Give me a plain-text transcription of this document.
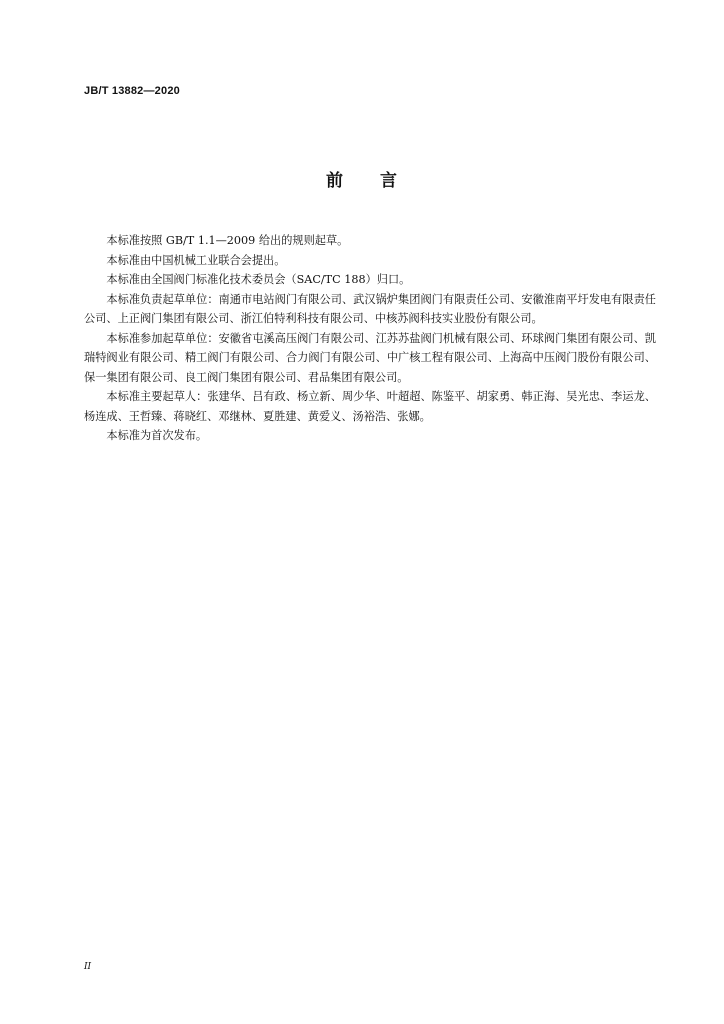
JB/T 13882—2020
前 言

本标准按照 GB/T 1.1—2009 给出的规则起草。

本标准由中国机械工业联合会提出。

本标准由全国阀门标准化技术委员会（SAC/TC 188）归口。

本标准负责起草单位：南通市电站阀门有限公司、武汉锅炉集团阀门有限责任公司、安徽淮南平圩发电有限责任公司、上正阀门集团有限公司、浙江伯特利科技有限公司、中核苏阀科技实业股份有限公司。

本标准参加起草单位：安徽省屯溪高压阀门有限公司、江苏苏盐阀门机械有限公司、环球阀门集团有限公司、凯瑞特阀业有限公司、精工阀门有限公司、合力阀门有限公司、中广核工程有限公司、上海高中压阀门股份有限公司、保一集团有限公司、良工阀门集团有限公司、君品集团有限公司。

本标准主要起草人：张建华、吕有政、杨立新、周少华、叶超超、陈鉴平、胡家勇、韩正海、吴光忠、李运龙、杨连成、王哲臻、蒋晓红、邓继林、夏胜建、黄爱义、汤裕浩、张娜。

本标准为首次发布。

II
